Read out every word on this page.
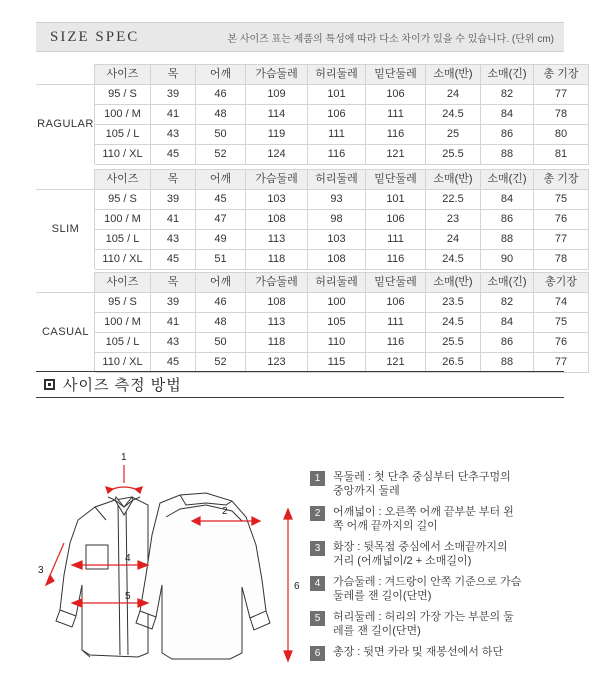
SIZE SPEC	본 사이즈 표는 제품의 특성에 따라 다소 차이가 있을 수 있습니다. (단위 cm)
	사이즈	목	어깨	가슴둘레	허리둘레	밑단둘레	소매(반)	소매(긴)	총 기장
RAGULAR	95 / S	39	46	109	101	106	24	82	77
	100 / M	41	48	114	106	111	24.5	84	78
	105 / L	43	50	119	111	116	25	86	80
	110 / XL	45	52	124	116	121	25.5	88	81
	사이즈	목	어깨	가슴둘레	허리둘레	밑단둘레	소매(반)	소매(긴)	총 기장
SLIM	95 / S	39	45	103	93	101	22.5	84	75
	100 / M	41	47	108	98	106	23	86	76
	105 / L	43	49	113	103	111	24	88	77
	110 / XL	45	51	118	108	116	24.5	90	78
	사이즈	목	어깨	가슴둘레	허리둘레	밑단둘레	소매(반)	소매(긴)	총기장
CASUAL	95 / S	39	46	108	100	106	23.5	82	74
	100 / M	41	48	113	105	111	24.5	84	75
	105 / L	43	50	118	110	116	25.5	86	76
	110 / XL	45	52	123	115	121	26.5	88	77
사이즈 측정 방법
1
2
3
4
5
6
1	목둘레 : 첫 단추 중심부터 단추구멍의
중앙까지 둘레
2	어깨넓이 : 오른쪽 어깨 끝부분 부터 왼
쪽 어깨 끝까지의 길이
3	화장 : 뒷목점 중심에서 소매끝까지의
거리 (어깨넓이/2 + 소매길이)
4	가슴둘레 : 겨드랑이 안쪽 기준으로 가슴
둘레를 잰 길이(단면)
5	허리둘레 : 허리의 가장 가는 부분의 둘
레를 잰 길이(단면)
6	총장 : 뒷면 카라 및 재봉선에서 하단
